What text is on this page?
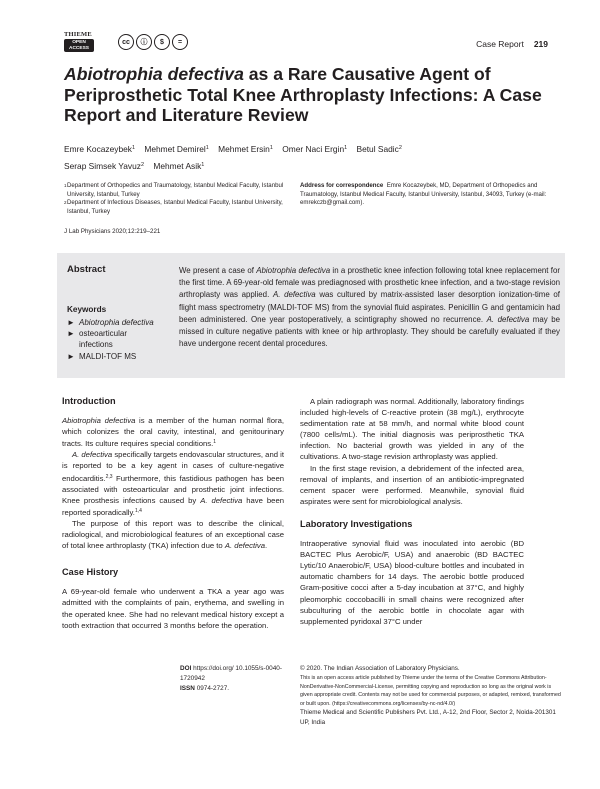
THIEME
OPEN
ACCESS
cc	ⓘ	$	=	Case Report 219
Abiotrophia defectiva as a Rare Causative Agent of Periprosthetic Total Knee Arthroplasty Infections: A Case Report and Literature Review
Emre Kocazeybek$^1$ Mehmet Demirel$^1$ Mehmet Ersin$^1$ Omer Naci Ergin$^1$ Betul Sadic$^2$
Serap Simsek Yavuz$^2$ Mehmet Asik$^1$
1 Department of Orthopedics and Traumatology, Istanbul Medical Faculty, Istanbul University, Istanbul, Turkey
2 Department of Infectious Diseases, Istanbul Medical Faculty, Istanbul University, Istanbul, Turkey
Address for correspondence Emre Kocazeybek, MD, Department of Orthopedics and Traumatology, Istanbul Medical Faculty, Istanbul University, Istanbul, 34093, Turkey (e-mail: emrekczb@gmail.com).
J Lab Physicians 2020;12:219–221
Abstract
Keywords
► Abiotrophia defectiva
► osteoarticular
infections
► MALDI-TOF MS
We present a case of Abiotrophia defectiva in a prosthetic knee infection following total knee replacement for the first time. A 69-year-old female was prediagnosed with prosthetic knee infection, and a two-stage revision arthroplasty was applied. A. defectiva was cultured by matrix-assisted laser desorption ionization-time of flight mass spectrometry (MALDI-TOF MS) from the synovial fluid aspirates. Penicillin G and gentamicin had been administered. One year postoperatively, a scintigraphy showed no recurrence. A. defectiva may be missed in culture negative patients with knee or hip arthroplasty. They should be carefully evaluated if they have undergone recent dental procedures.
Introduction

Abiotrophia defectiva is a member of the human normal flora, which colonizes the oral cavity, intestinal, and genitourinary tracts. Its culture requires special conditions.$^1$

A. defectiva specifically targets endovascular structures, and it is reported to be a key agent in cases of culture-negative endocarditis.$^{2,3}$ Furthermore, this fastidious pathogen has been associated with osteoarticular and prosthetic joint infections. Knee prosthesis infections caused by A. defectiva have been reported sporadically.$^{1,4}$

The purpose of this report was to describe the clinical, radiological, and microbiological features of an exceptional case of total knee arthroplasty (TKA) infection due to A. defectiva.

Case History

A 69-year-old female who underwent a TKA a year ago was admitted with the complaints of pain, erythema, and swelling in the operated knee. She had no relevant medical history except a tooth extraction that occurred 3 months before the operation.

A plain radiograph was normal. Additionally, laboratory findings included high-levels of C-reactive protein (38 mg/L), erythrocyte sedimentation rate at 58 mm/h, and normal white blood count (7800 cells/mL). The initial diagnosis was periprosthetic TKA infection. No bacterial growth was yielded in any of the cultivations. A two-stage revision arthroplasty was applied.

In the first stage revision, a debridement of the infected area, removal of implants, and insertion of an antibiotic-impregnated cement spacer were performed. Meanwhile, synovial fluid aspirates were sent for microbiological analysis.

Laboratory Investigations

Intraoperative synovial fluid was inoculated into aerobic (BD BACTEC Plus Aerobic/F, USA) and anaerobic (BD BACTEC Lytic/10 Anaerobic/F, USA) blood-culture bottles and incubated in automatic chambers for 14 days. The aerobic bottle produced Gram-positive cocci after a 5-day incubation at 37°C, and highly pleomorphic coccobacilli in small chains were recognized after subculturing of the aerobic bottle in chocolate agar with supplemented pyridoxal 37°C under

DOI https://doi.org/ 10.1055/s-0040-1720942
ISSN 0974-2727.
© 2020. The Indian Association of Laboratory Physicians.
This is an open access article published by Thieme under the terms of the Creative Commons Attribution-NonDerivative-NonCommercial-License, permitting copying and reproduction so long as the original work is given appropriate credit. Contents may not be used for commercial purposes, or adapted, remixed, transformed or built upon. (https://creativecommons.org/licenses/by-nc-nd/4.0/)
Thieme Medical and Scientific Publishers Pvt. Ltd., A-12, 2nd Floor, Sector 2, Noida-201301 UP, India
